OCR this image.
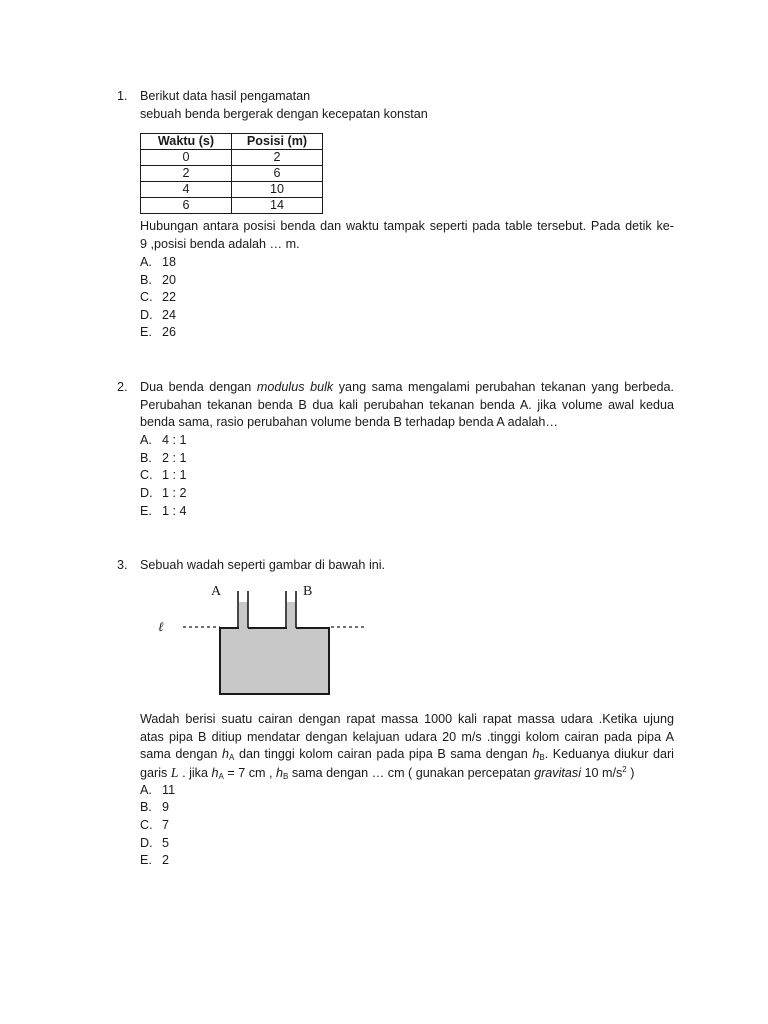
1. Berikut data hasil pengamatan
sebuah benda bergerak dengan kecepatan konstan
Waktu (s)	Posisi (m)
0	2
2	6
4	10
6	14
Hubungan antara posisi benda dan waktu tampak seperti pada table tersebut. Pada detik ke-
9 ,posisi benda adalah … m.
A. 18
B. 20
C. 22
D. 24
E. 26
2. Dua benda dengan modulus bulk yang sama mengalami perubahan tekanan yang berbeda.
Perubahan tekanan benda B dua kali perubahan tekanan benda A. jika volume awal kedua
benda sama, rasio perubahan volume benda B terhadap benda A adalah…
A. 4 : 1
B. 2 : 1
C. 1 : 1
D. 1 : 2
E. 1 : 4
3. Sebuah wadah seperti gambar di bawah ini.
A	B
ℓ
Wadah berisi suatu cairan dengan rapat massa 1000 kali rapat massa udara .Ketika ujung
atas pipa B ditiup mendatar dengan kelajuan udara 20 m/s .tinggi kolom cairan pada pipa A
sama dengan $h_A$ dan tinggi kolom cairan pada pipa B sama dengan $h_B$. Keduanya diukur dari
garis L . jika $h_A = 7$ cm , $h_B$ sama dengan … cm ( gunakan percepatan gravitasi 10 $m/s^2$ )
A. 11
B. 9
C. 7
D. 5
E. 2
